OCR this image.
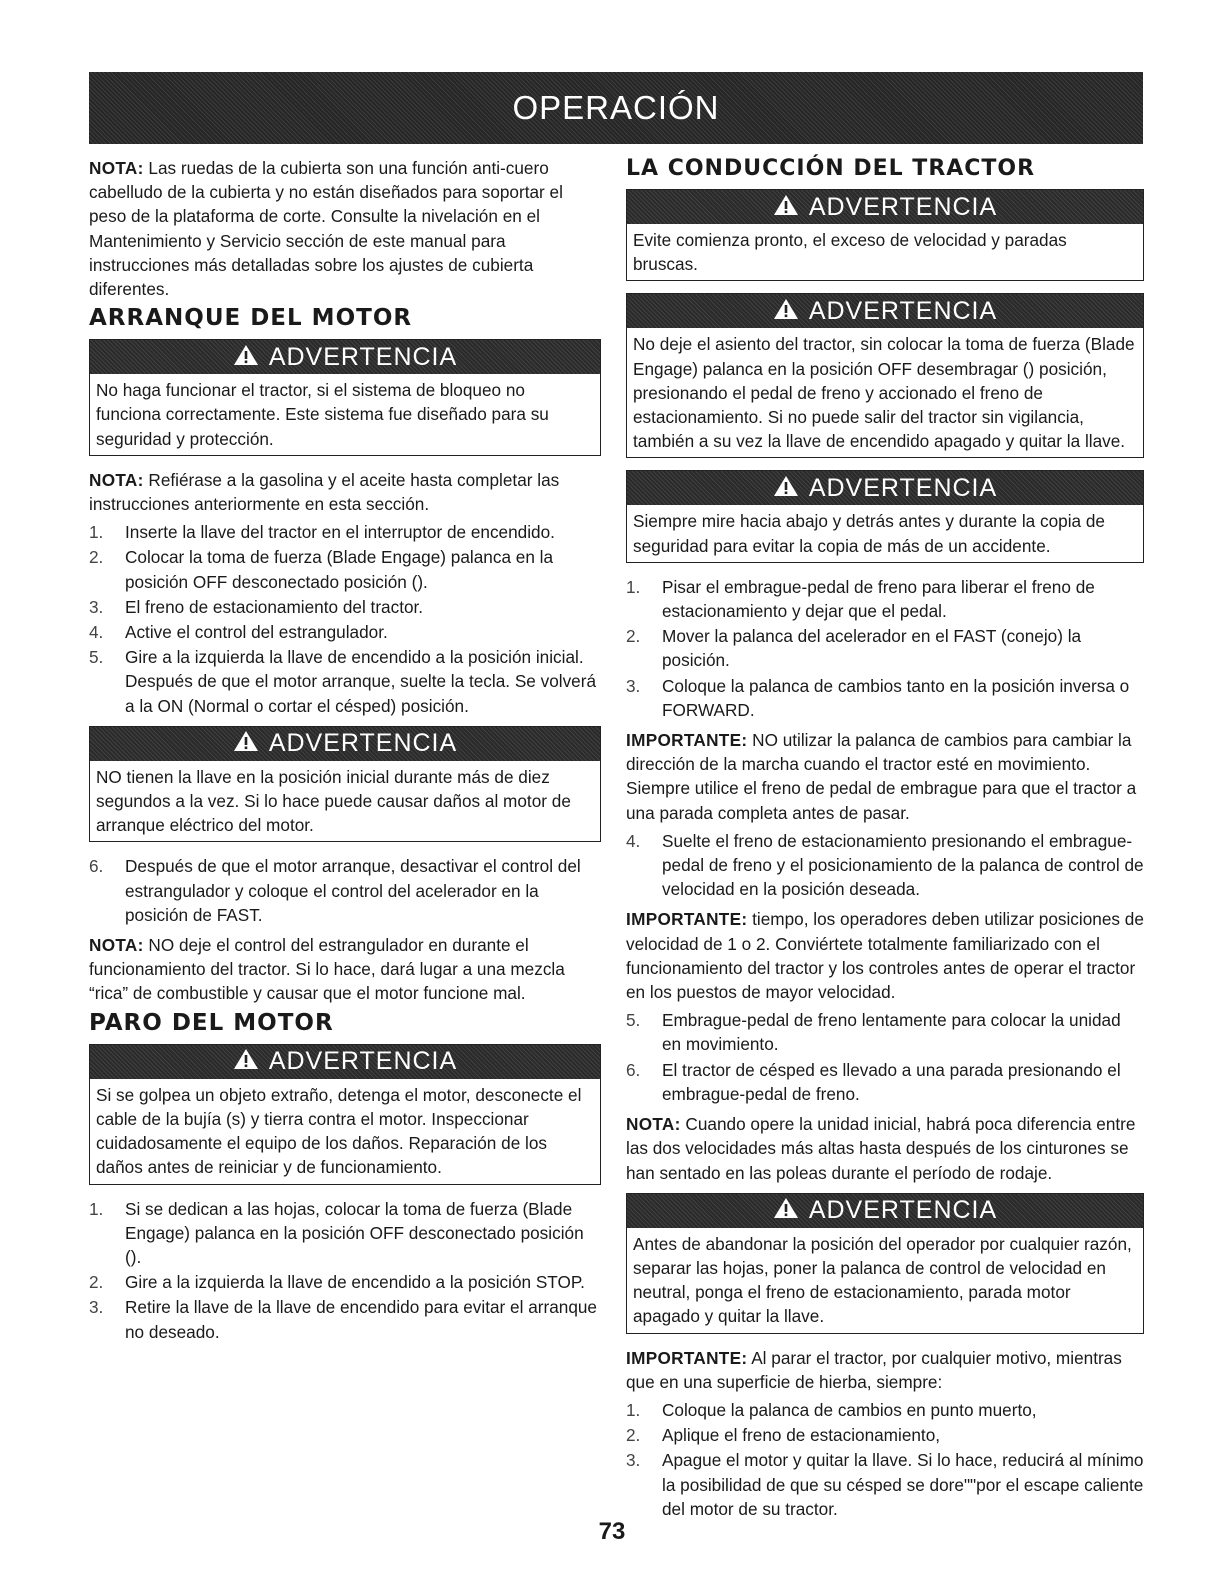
OPERACIÓN

NOTA: Las ruedas de la cubierta son una función anti-cuero cabelludo de la cubierta y no están diseñados para soportar el peso de la plataforma de corte. Consulte la nivelación en el Mantenimiento y Servicio sección de este manual para instrucciones más detalladas sobre los ajustes de cubierta diferentes.

ARRANQUE DEL MOTOR
ADVERTENCIA

No haga funcionar el tractor, si el sistema de bloqueo no funciona correctamente. Este sistema fue diseñado para su seguridad y protección.

NOTA: Refiérase a la gasolina y el aceite hasta completar las instrucciones anteriormente en esta sección.

1.	Inserte la llave del tractor en el interruptor de encendido.
2.	Colocar la toma de fuerza (Blade Engage) palanca en la posición OFF desconectado posición ().
3.	El freno de estacionamiento del tractor.
4.	Active el control del estrangulador.
5.	Gire a la izquierda la llave de encendido a la posición inicial. Después de que el motor arranque, suelte la tecla. Se volverá a la ON (Normal o cortar el césped) posición.
ADVERTENCIA

NO tienen la llave en la posición inicial durante más de diez segundos a la vez. Si lo hace puede causar daños al motor de arranque eléctrico del motor.

6.	Después de que el motor arranque, desactivar el control del estrangulador y coloque el control del acelerador en la posición de FAST.

NOTA: NO deje el control del estrangulador en durante el funcionamiento del tractor. Si lo hace, dará lugar a una mezcla “rica” de combustible y causar que el motor funcione mal.

PARO DEL MOTOR
ADVERTENCIA

Si se golpea un objeto extraño, detenga el motor, desconecte el cable de la bujía (s) y tierra contra el motor. Inspeccionar cuidadosamente el equipo de los daños. Reparación de los daños antes de reiniciar y de funcionamiento.

1.	Si se dedican a las hojas, colocar la toma de fuerza (Blade Engage) palanca en la posición OFF desconectado posición ().
2.	Gire a la izquierda la llave de encendido a la posición STOP.
3.	Retire la llave de la llave de encendido para evitar el arranque no deseado.
LA CONDUCCIÓN DEL TRACTOR
ADVERTENCIA

Evite comienza pronto, el exceso de velocidad y paradas bruscas.

ADVERTENCIA

No deje el asiento del tractor, sin colocar la toma de fuerza (Blade Engage) palanca en la posición OFF desembragar () posición, presionando el pedal de freno y accionado el freno de estacionamiento. Si no puede salir del tractor sin vigilancia, también a su vez la llave de encendido apagado y quitar la llave.

ADVERTENCIA

Siempre mire hacia abajo y detrás antes y durante la copia de seguridad para evitar la copia de más de un accidente.

1.	Pisar el embrague-pedal de freno para liberar el freno de estacionamiento y dejar que el pedal.
2.	Mover la palanca del acelerador en el FAST (conejo) la posición.
3.	Coloque la palanca de cambios tanto en la posición inversa o FORWARD.

IMPORTANTE: NO utilizar la palanca de cambios para cambiar la dirección de la marcha cuando el tractor esté en movimiento. Siempre utilice el freno de pedal de embrague para que el tractor a una parada completa antes de pasar.

4.	Suelte el freno de estacionamiento presionando el embrague-pedal de freno y el posicionamiento de la palanca de control de velocidad en la posición deseada.

IMPORTANTE: tiempo, los operadores deben utilizar posiciones de velocidad de 1 o 2. Conviértete totalmente familiarizado con el funcionamiento del tractor y los controles antes de operar el tractor en los puestos de mayor velocidad.

5.	Embrague-pedal de freno lentamente para colocar la unidad en movimiento.
6.	El tractor de césped es llevado a una parada presionando el embrague-pedal de freno.

NOTA: Cuando opere la unidad inicial, habrá poca diferencia entre las dos velocidades más altas hasta después de los cinturones se han sentado en las poleas durante el período de rodaje.

ADVERTENCIA

Antes de abandonar la posición del operador por cualquier razón, separar las hojas, poner la palanca de control de velocidad en neutral, ponga el freno de estacionamiento, parada motor apagado y quitar la llave.

IMPORTANTE: Al parar el tractor, por cualquier motivo, mientras que en una superficie de hierba, siempre:

1.	Coloque la palanca de cambios en punto muerto,
2.	Aplique el freno de estacionamiento,
3.	Apague el motor y quitar la llave. Si lo hace, reducirá al mínimo la posibilidad de que su césped se dore""por el escape caliente del motor de su tractor.
73
